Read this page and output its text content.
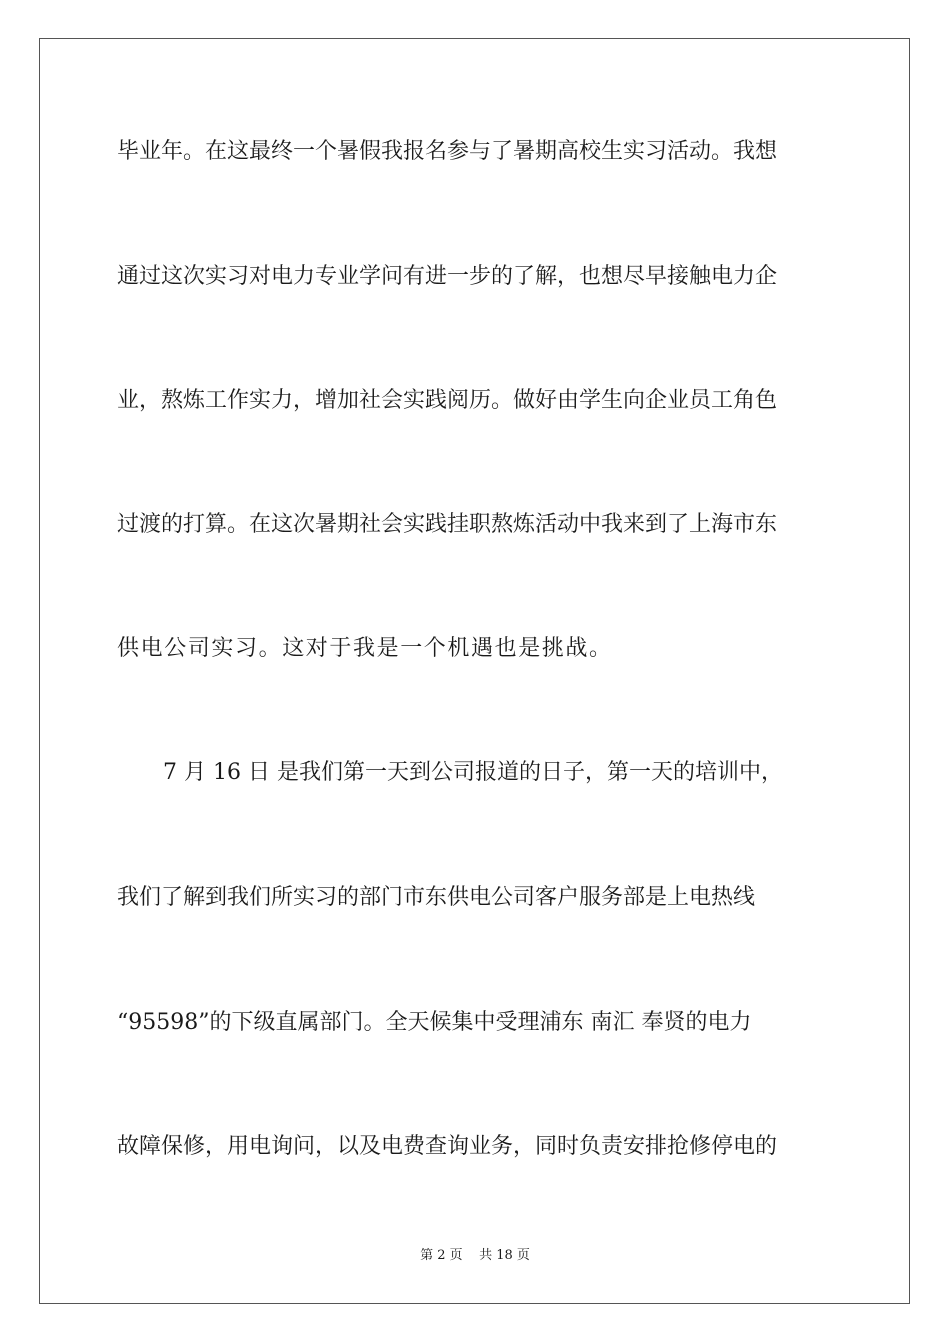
毕业年。在这最终一个暑假我报名参与了暑期高校生实习活动。我想
通过这次实习对电力专业学问有进一步的了解，也想尽早接触电力企
业，熬炼工作实力，增加社会实践阅历。做好由学生向企业员工角色
过渡的打算。在这次暑期社会实践挂职熬炼活动中我来到了上海市东
供电公司实习。这对于我是一个机遇也是挑战。
7 月 16 日 是我们第一天到公司报道的日子，第一天的培训中，
我们了解到我们所实习的部门市东供电公司客户服务部是上电热线
“95598”的下级直属部门。全天候集中受理浦东 南汇 奉贤的电力
故障保修，用电询问，以及电费查询业务，同时负责安排抢修停电的
第 2 页    共 18 页
